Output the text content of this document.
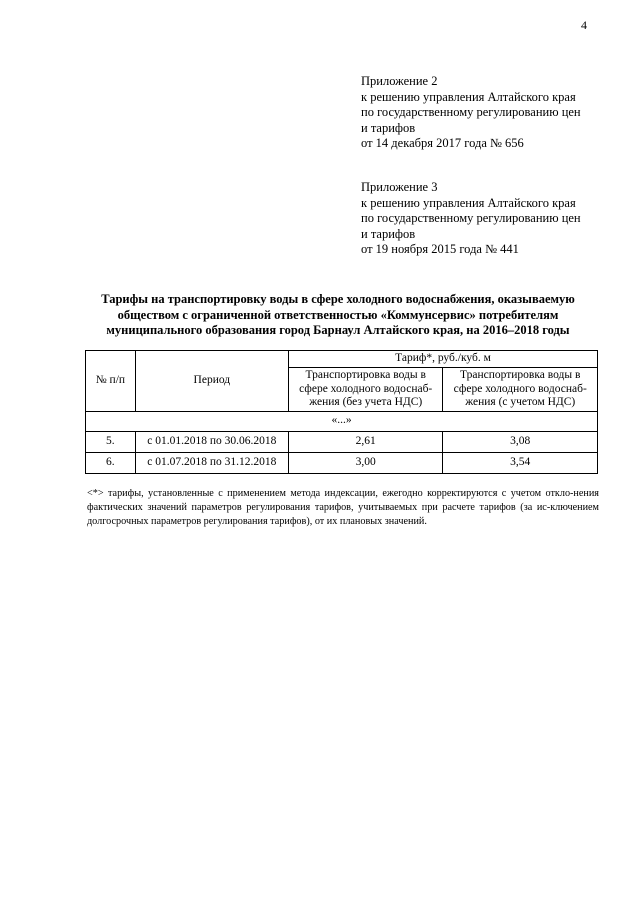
4
Приложение 2
к решению управления Алтайского края
по государственному регулированию цен
и тарифов
от 14 декабря 2017 года № 656
Приложение 3
к решению управления Алтайского края
по государственному регулированию цен
и тарифов
от 19 ноября 2015 года № 441
Тарифы на транспортировку воды в сфере холодного водоснабжения, оказываемую
обществом с ограниченной ответственностью «Коммунсервис» потребителям
муниципального образования город Барнаул Алтайского края, на 2016–2018 годы
№ п/п	Период	Тариф*, руб./куб. м	
		Транспортировка воды в сфере холодного водоснаб-жения (без учета НДС)	Транспортировка воды в сфере холодного водоснаб-жения (с учетом НДС)
«...»			
5.	с 01.01.2018 по 30.06.2018	2,61	3,08
6.	с 01.07.2018 по 31.12.2018	3,00	3,54
<*> тарифы, установленные с применением метода индексации, ежегодно корректируются с учетом откло-нения фактических значений параметров регулирования тарифов, учитываемых при расчете тарифов (за ис-ключением долгосрочных параметров регулирования тарифов), от их плановых значений.
